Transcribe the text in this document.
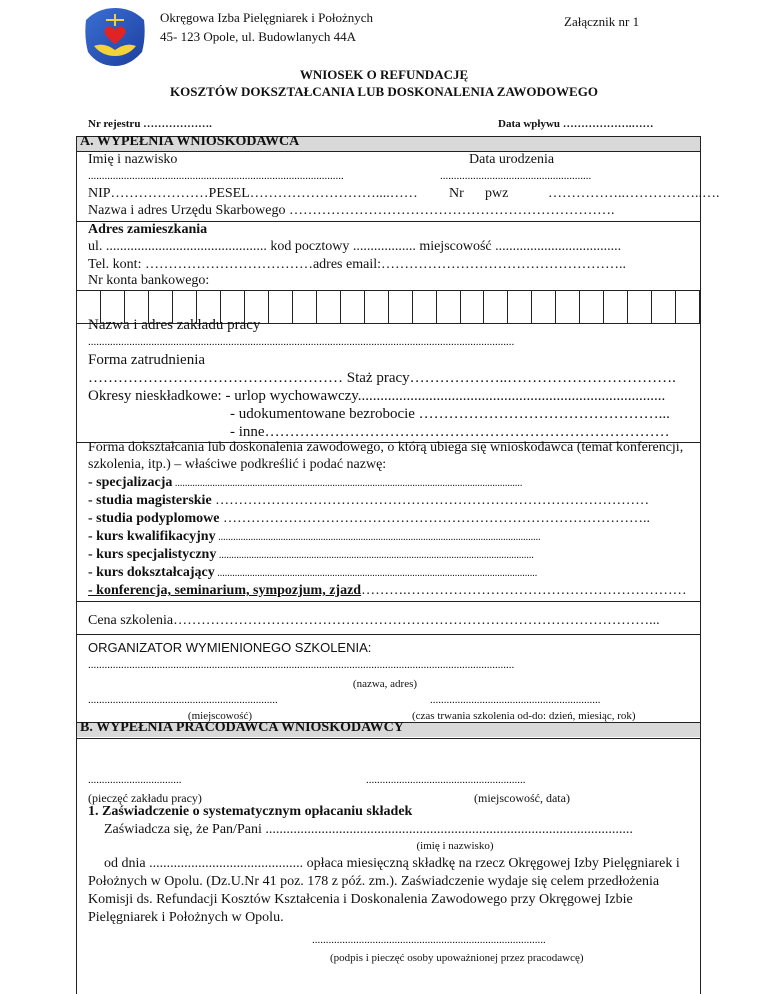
Okręgowa Izba Pielęgniarek i Położnych
45- 123 Opole, ul. Budowlanych 44A
Załącznik nr 1
WNIOSEK O REFUNDACJĘ
KOSZTÓW DOKSZTAŁCANIA LUB DOSKONALENIA ZAWODOWEGO
Nr rejestru ……………….	Data wpływu ……………….……
A. WYPEŁNIA WNIOSKODAWCA
Imię i nazwisko	Data urodzenia
.............................................................................................	.......................................................
NIP…………………PESEL………………………....…… Nr pwz	……………..……………..….
Nazwa i adres Urzędu Skarbowego …………………………………………………………….
Adres zamieszkania
ul. .............................................. kod pocztowy .................. miejscowość ....................................
Tel. kont: ………………………………adres email:……………………………………………..
Nr konta bankowego:
Nazwa i adres zakładu pracy
...........................................................................................................................................................
Forma zatrudnienia
…………………………………………… Staż pracy………………..…………………………….
Okresy nieskładkowe: - urlop wychowawczy..................................................................................
- udokumentowane bezrobocie …………………………………………...
- inne………………………………………………………………………
Forma dokształcania lub doskonalenia zawodowego, o którą ubiega się wnioskodawca (temat konferencji,
szkolenia, itp.) – właściwe podkreślić i podać nazwę:
- specjalizacja ...........................................................................................................................................
- studia magisterskie …………………………………………………………………………………
- studia podyplomowe ………………………………………………………………………………..
- kurs kwalifikacyjny .................................................................................................................................
- kurs specjalistyczny ..............................................................................................................................
- kurs dokształcający ................................................................................................................................
- konferencja, seminarium, sympozjum, zjazd……….……………………………………………………
Cena szkolenia…………………………………………………………………………………………...
ORGANIZATOR WYMIENIONEGO SZKOLENIA:
...........................................................................................................................................................
(nazwa, adres)
.....................................................................	..............................................................
(miejscowość)	(czas trwania szkolenia od-do: dzień, miesiąc, rok)
B. WYPEŁNIA PRACODAWCA WNIOSKODAWCY
..................................	..........................................................
(pieczęć zakładu pracy)	(miejscowość, data)
1. Zaświadczenie o systematycznym opłacaniu składek
Zaświadcza się, że Pan/Pani .........................................................................................................
(imię i nazwisko)
od dnia ............................................ opłaca miesięczną składkę na rzecz Okręgowej Izby Pielęgniarek i
Położnych w Opolu. (Dz.U.Nr 41 poz. 178 z póź. zm.). Zaświadczenie wydaje się celem przedłożenia
Komisji ds. Refundacji Kosztów Kształcenia i Doskonalenia Zawodowego przy Okręgowej Izbie
Pielęgniarek i Położnych w Opolu.
.....................................................................................
(podpis i pieczęć osoby upoważnionej przez pracodawcę)
